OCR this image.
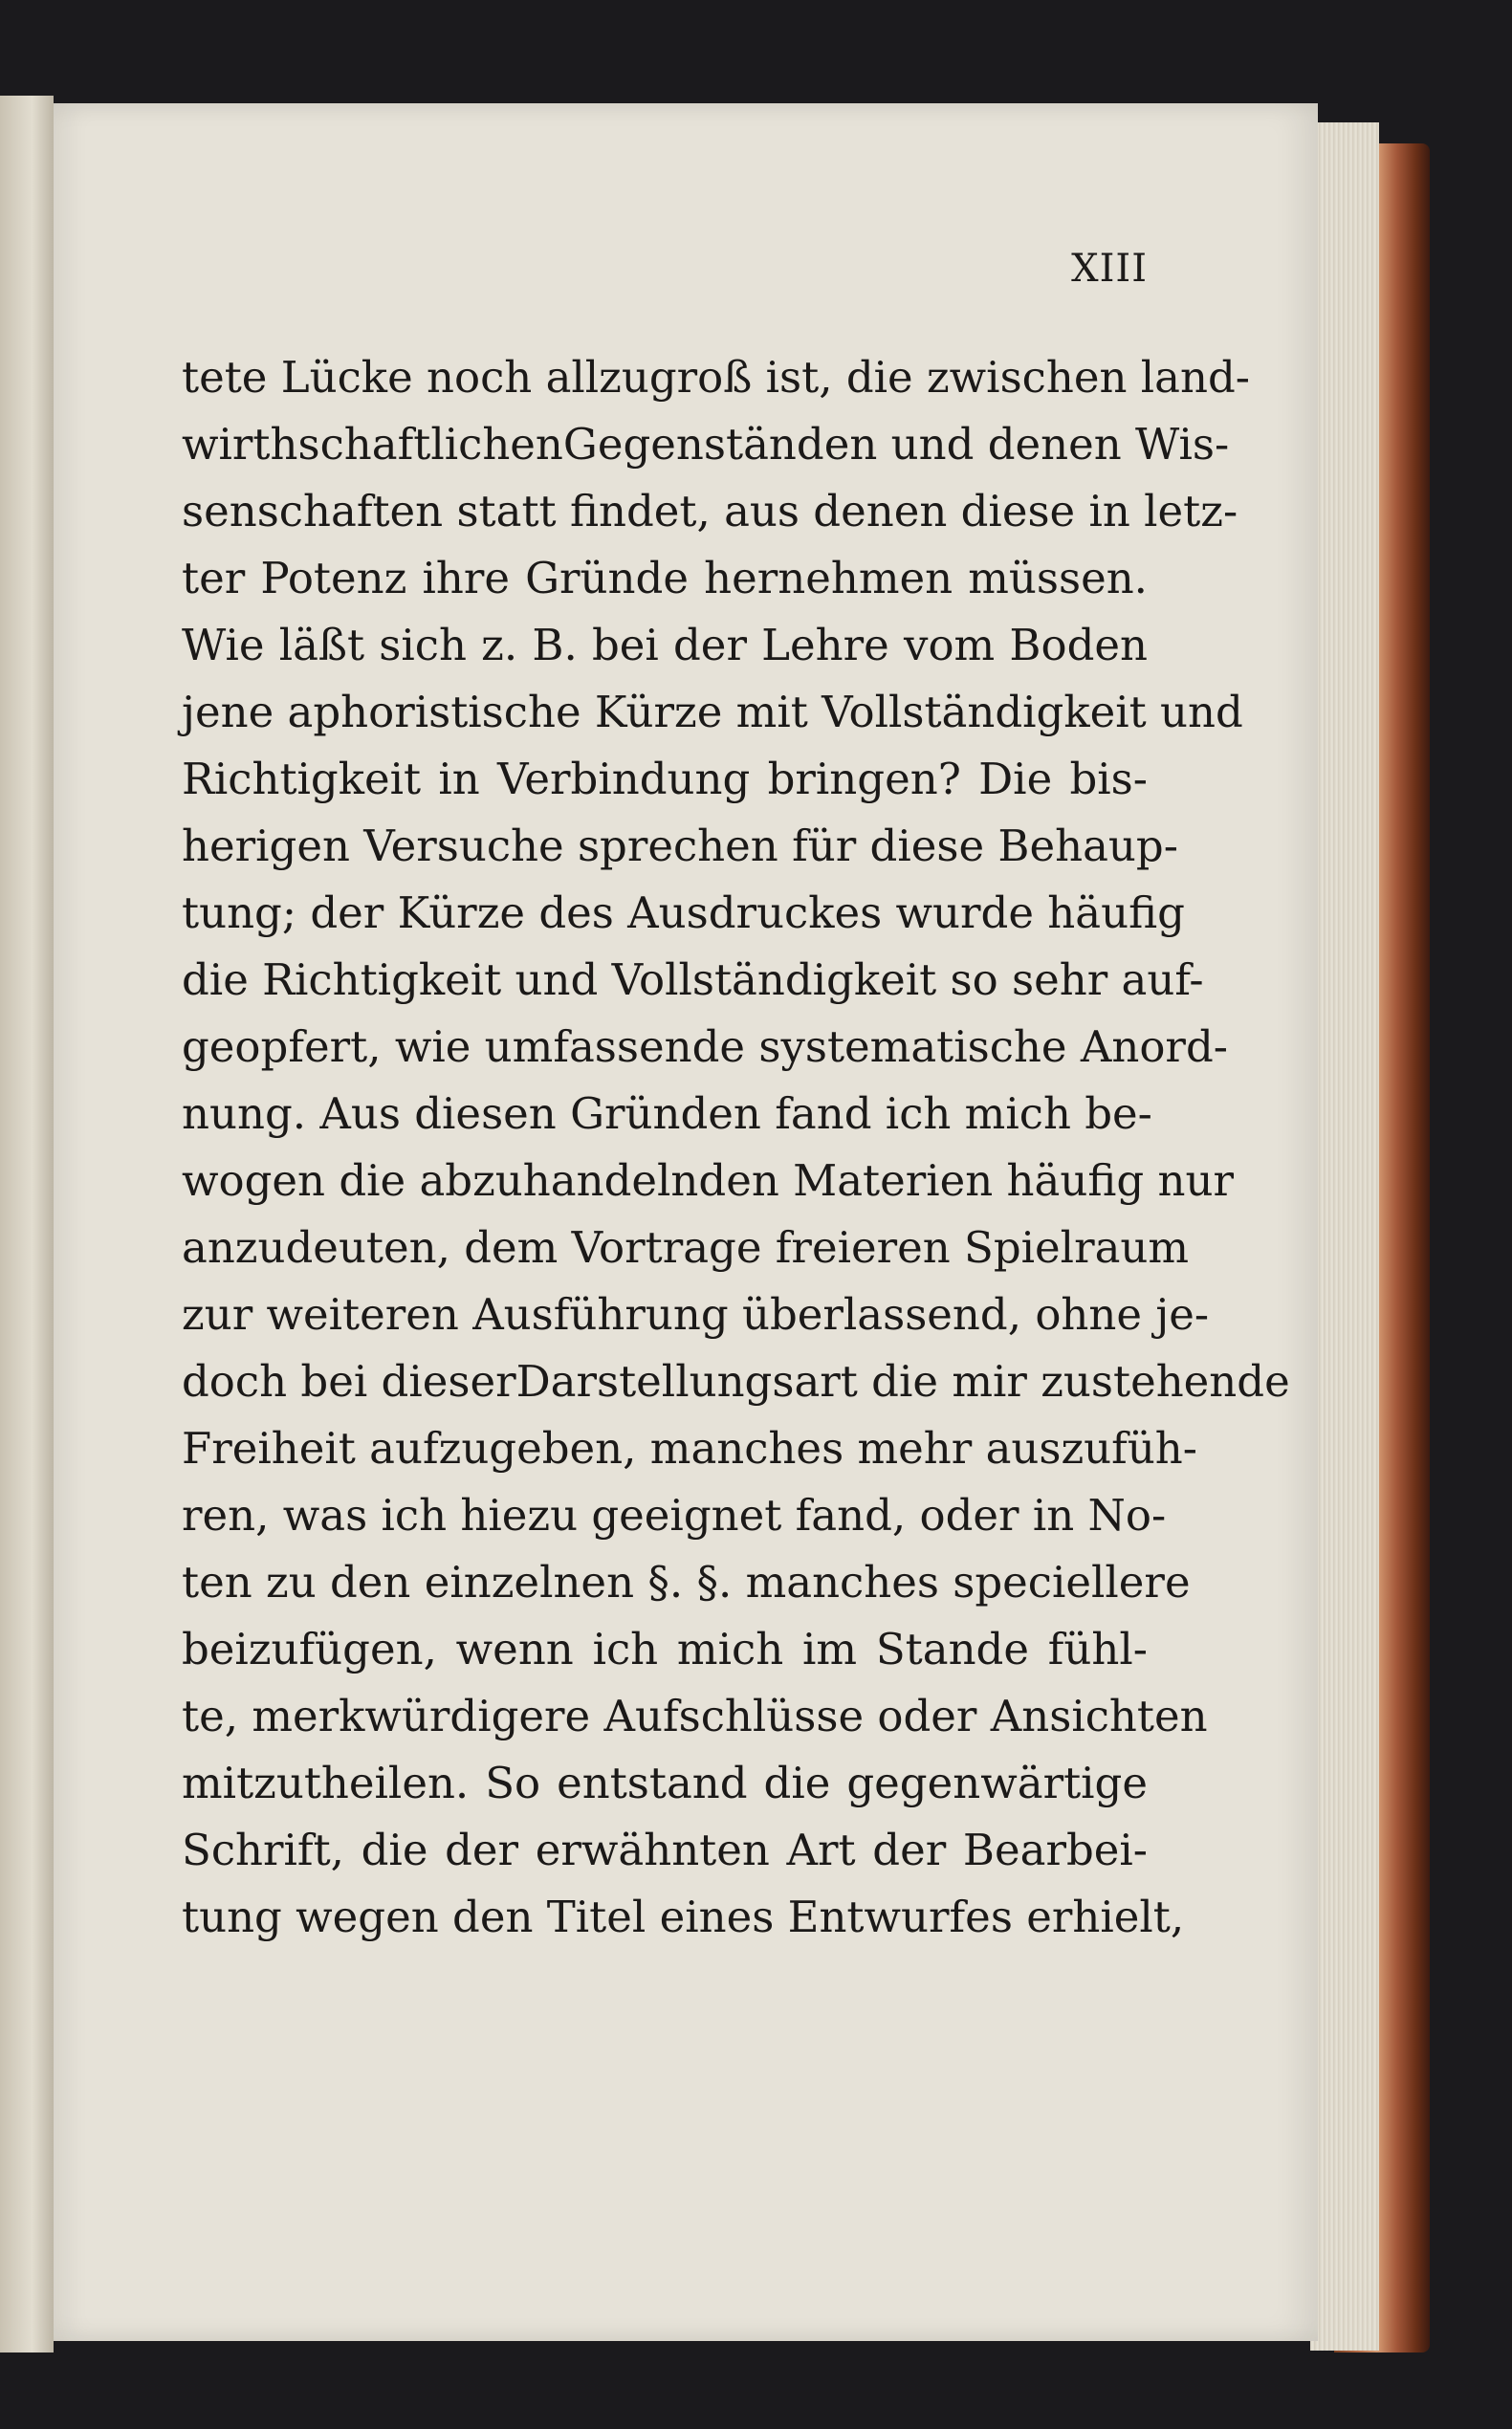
XIII
tete Lücke noch allzugroß ist, die zwischen land-
wirthschaftlichenGegenständen und denen Wis-
senschaften statt findet, aus denen diese in letz-
ter Potenz ihre Gründe hernehmen müssen.
Wie läßt sich z. B. bei der Lehre vom Boden
jene aphoristische Kürze mit Vollständigkeit und
Richtigkeit in Verbindung bringen? Die bis-
herigen Versuche sprechen für diese Behaup-
tung; der Kürze des Ausdruckes wurde häufig
die Richtigkeit und Vollständigkeit so sehr auf-
geopfert, wie umfassende systematische Anord-
nung. Aus diesen Gründen fand ich mich be-
wogen die abzuhandelnden Materien häufig nur
anzudeuten, dem Vortrage freieren Spielraum
zur weiteren Ausführung überlassend, ohne je-
doch bei dieserDarstellungsart die mir zustehende
Freiheit aufzugeben, manches mehr auszufüh-
ren, was ich hiezu geeignet fand, oder in No-
ten zu den einzelnen §. §. manches speciellere
beizufügen, wenn ich mich im Stande fühl-
te, merkwürdigere Aufschlüsse oder Ansichten
mitzutheilen. So entstand die gegenwärtige
Schrift, die der erwähnten Art der Bearbei-
tung wegen den Titel eines Entwurfes erhielt,
